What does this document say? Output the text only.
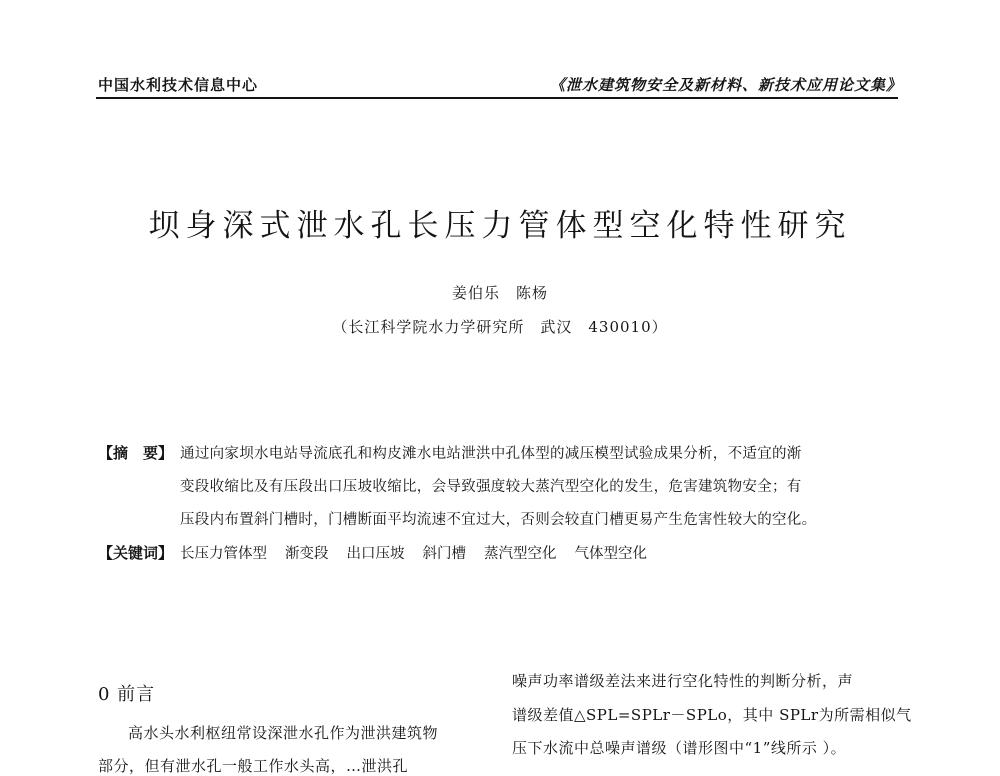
中国水利技术信息中心	《泄水建筑物安全及新材料、新技术应用论文集》
坝身深式泄水孔长压力管体型空化特性研究
姜伯乐　陈杨
（长江科学院水力学研究所　武汉　430010）
【摘　要】 通过向家坝水电站导流底孔和构皮滩水电站泄洪中孔体型的减压模型试验成果分析，不适宜的渐
变段收缩比及有压段出口压坡收缩比，会导致强度较大蒸汽型空化的发生，危害建筑物安全；有
压段内布置斜门槽时，门槽断面平均流速不宜过大，否则会较直门槽更易产生危害性较大的空化。
【关键词】 长压力管体型 渐变段 出口压坡 斜门槽 蒸汽型空化 气体型空化
0 前言
高水头水利枢纽常设深泄水孔作为泄洪建筑物
部分，但有泄水孔一般工作水头高，…泄洪孔
噪声功率谱级差法来进行空化特性的判断分析，声
谱级差值△SPL=SPLr－SPLo，其中 SPLr为所需相似气
压下水流中总噪声谱级（谱形图中“1”线所示 ）。
